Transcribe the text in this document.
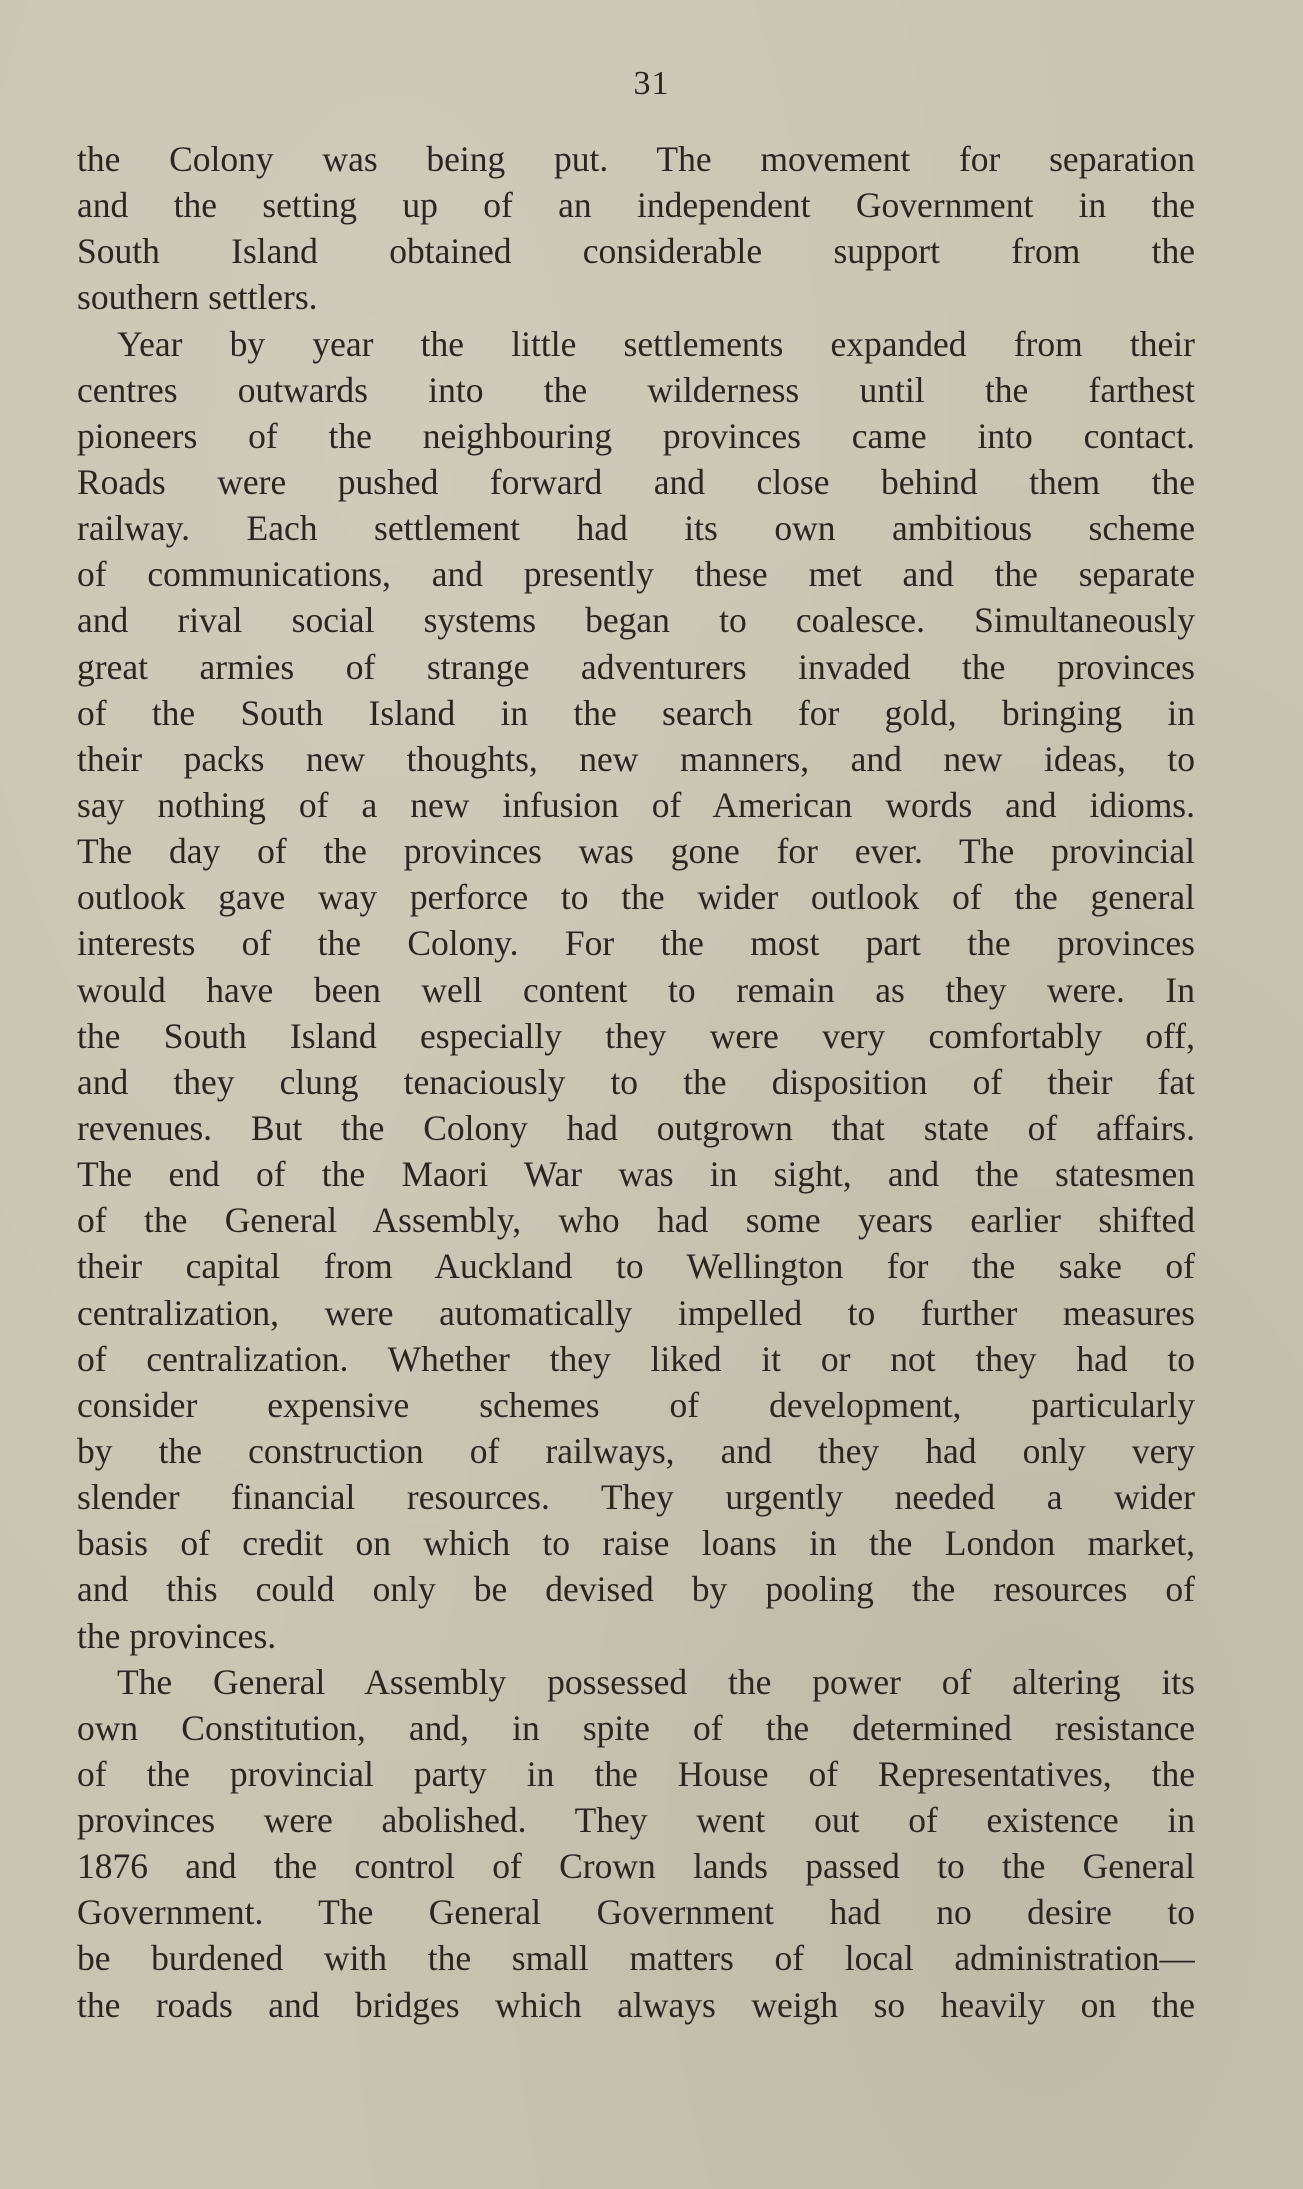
31
the Colony was being put. The movement for separation
and the setting up of an independent Government in the
South Island obtained considerable support from the
southern settlers.
Year by year the little settlements expanded from their
centres outwards into the wilderness until the farthest
pioneers of the neighbouring provinces came into contact.
Roads were pushed forward and close behind them the
railway. Each settlement had its own ambitious scheme
of communications, and presently these met and the separate
and rival social systems began to coalesce. Simultaneously
great armies of strange adventurers invaded the provinces
of the South Island in the search for gold, bringing in
their packs new thoughts, new manners, and new ideas, to
say nothing of a new infusion of American words and idioms.
The day of the provinces was gone for ever. The provincial
outlook gave way perforce to the wider outlook of the general
interests of the Colony. For the most part the provinces
would have been well content to remain as they were. In
the South Island especially they were very comfortably off,
and they clung tenaciously to the disposition of their fat
revenues. But the Colony had outgrown that state of affairs.
The end of the Maori War was in sight, and the statesmen
of the General Assembly, who had some years earlier shifted
their capital from Auckland to Wellington for the sake of
centralization, were automatically impelled to further measures
of centralization. Whether they liked it or not they had to
consider expensive schemes of development, particularly
by the construction of railways, and they had only very
slender financial resources. They urgently needed a wider
basis of credit on which to raise loans in the London market,
and this could only be devised by pooling the resources of
the provinces.
The General Assembly possessed the power of altering its
own Constitution, and, in spite of the determined resistance
of the provincial party in the House of Representatives, the
provinces were abolished. They went out of existence in
1876 and the control of Crown lands passed to the General
Government. The General Government had no desire to
be burdened with the small matters of local administration—
the roads and bridges which always weigh so heavily on the
